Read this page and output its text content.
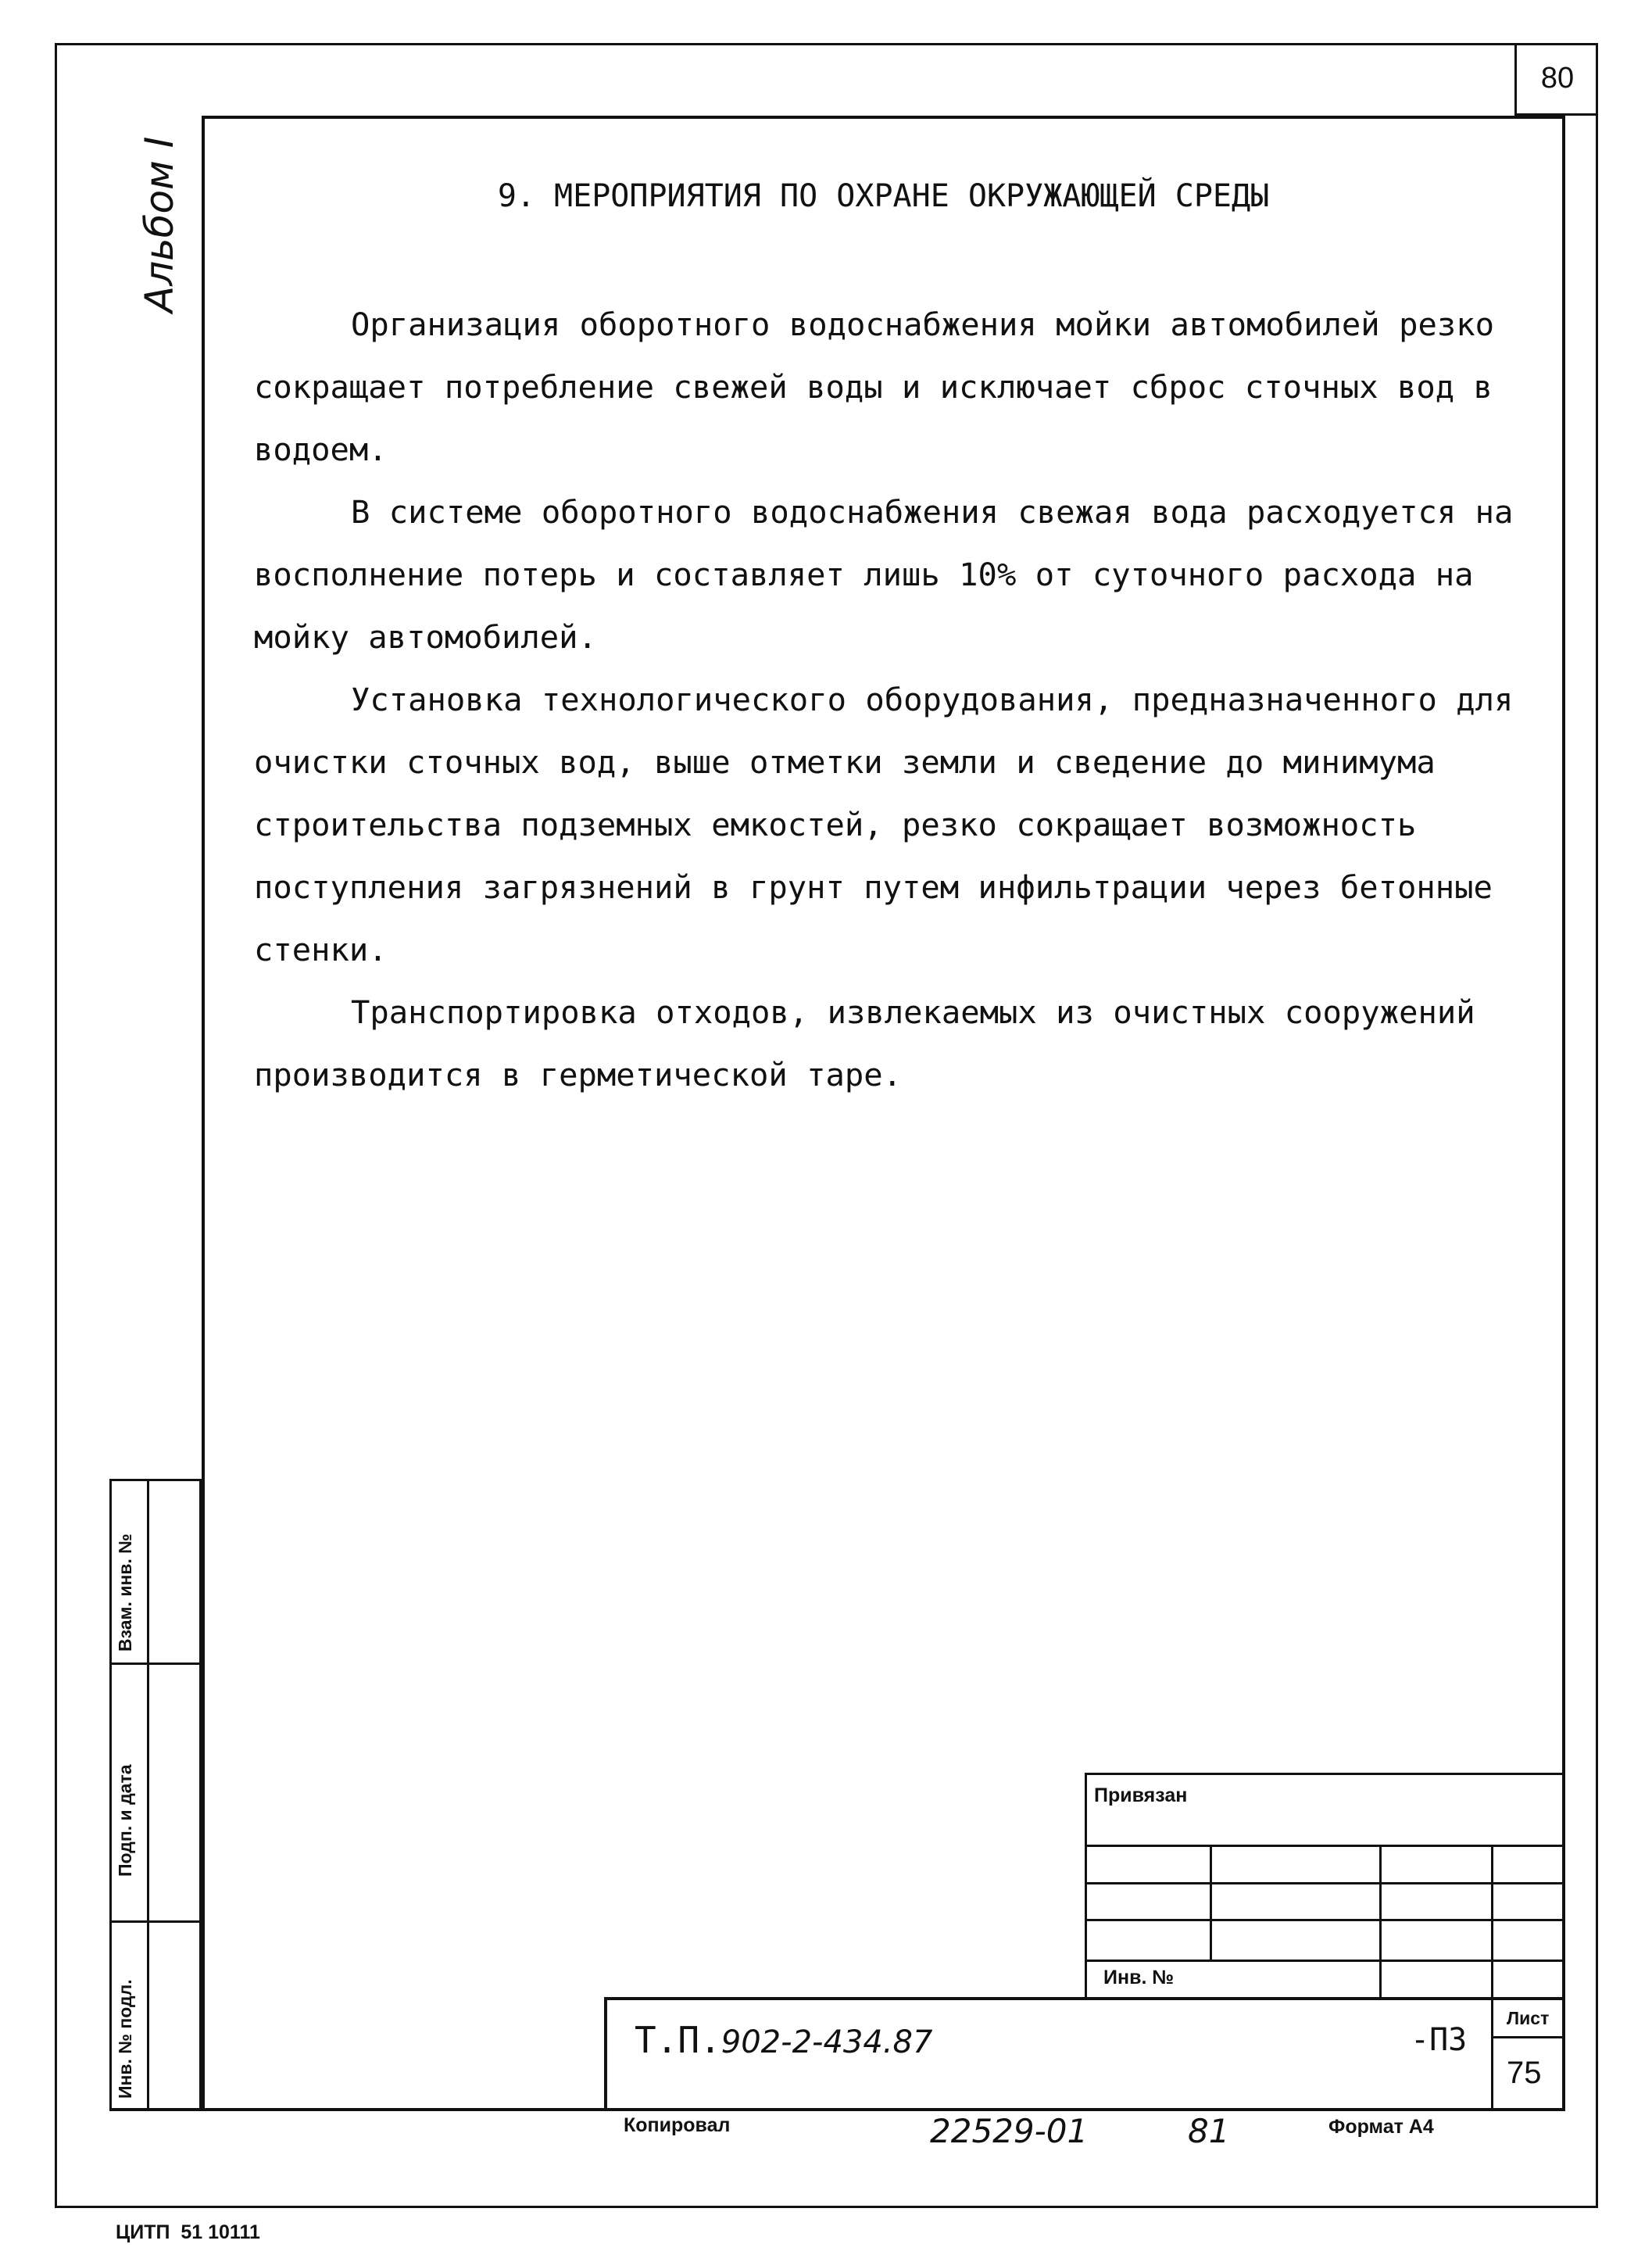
80
Альбом I	9. МЕРОПРИЯТИЯ ПО ОХРАНЕ ОКРУЖАЮЩЕЙ СРЕДЫ

Организация оборотного водоснабжения мойки автомобилей резко сокращает потребление свежей воды и исключает сброс сточных вод в водоем.

В системе оборотного водоснабжения свежая вода расходуется на восполнение потерь и составляет лишь 10% от суточного расхода на мойку автомобилей.

Установка технологического оборудования, предназначенного для очистки сточных вод, выше отметки земли и сведение до минимума строительства подземных емкостей, резко сокращает возможность поступления загрязнений в грунт путем инфильтрации через бетонные стенки.

Транспортировка отходов, извлекаемых из очистных сооружений производится в герметической таре.

Взам. инв. №
Подп. и дата
Инв. № подл.
Привязан
Инв. №
Т.П.902-2-434.87	-ПЗ
Лист
75
Копировал	22529-01	81	Формат А4
ЦИТП  51 10111
